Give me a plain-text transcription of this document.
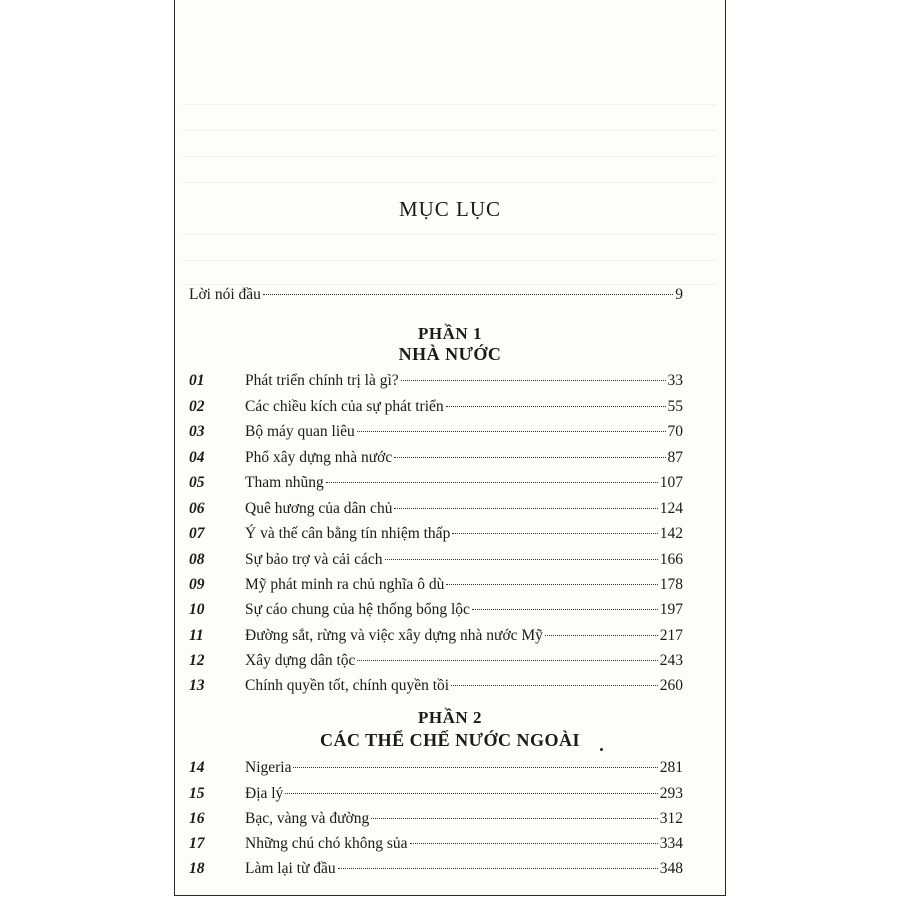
MỤC LỤC
Lời nói đầu	9
PHẦN 1
NHÀ NƯỚC
01	Phát triển chính trị là gì?	33
02	Các chiều kích của sự phát triển	55
03	Bộ máy quan liêu	70
04	Phổ xây dựng nhà nước	87
05	Tham nhũng	107
06	Quê hương của dân chủ	124
07	Ý và thế cân bằng tín nhiệm thấp	142
08	Sự bảo trợ và cải cách	166
09	Mỹ phát minh ra chủ nghĩa ô dù	178
10	Sự cáo chung của hệ thống bổng lộc	197
11	Đường sắt, rừng và việc xây dựng nhà nước Mỹ	217
12	Xây dựng dân tộc	243
13	Chính quyền tốt, chính quyền tồi	260
PHẦN 2
CÁC THỂ CHẾ NƯỚC NGOÀI
14	Nigeria	281
15	Địa lý	293
16	Bạc, vàng và đường	312
17	Những chú chó không sủa	334
18	Làm lại từ đầu	348
